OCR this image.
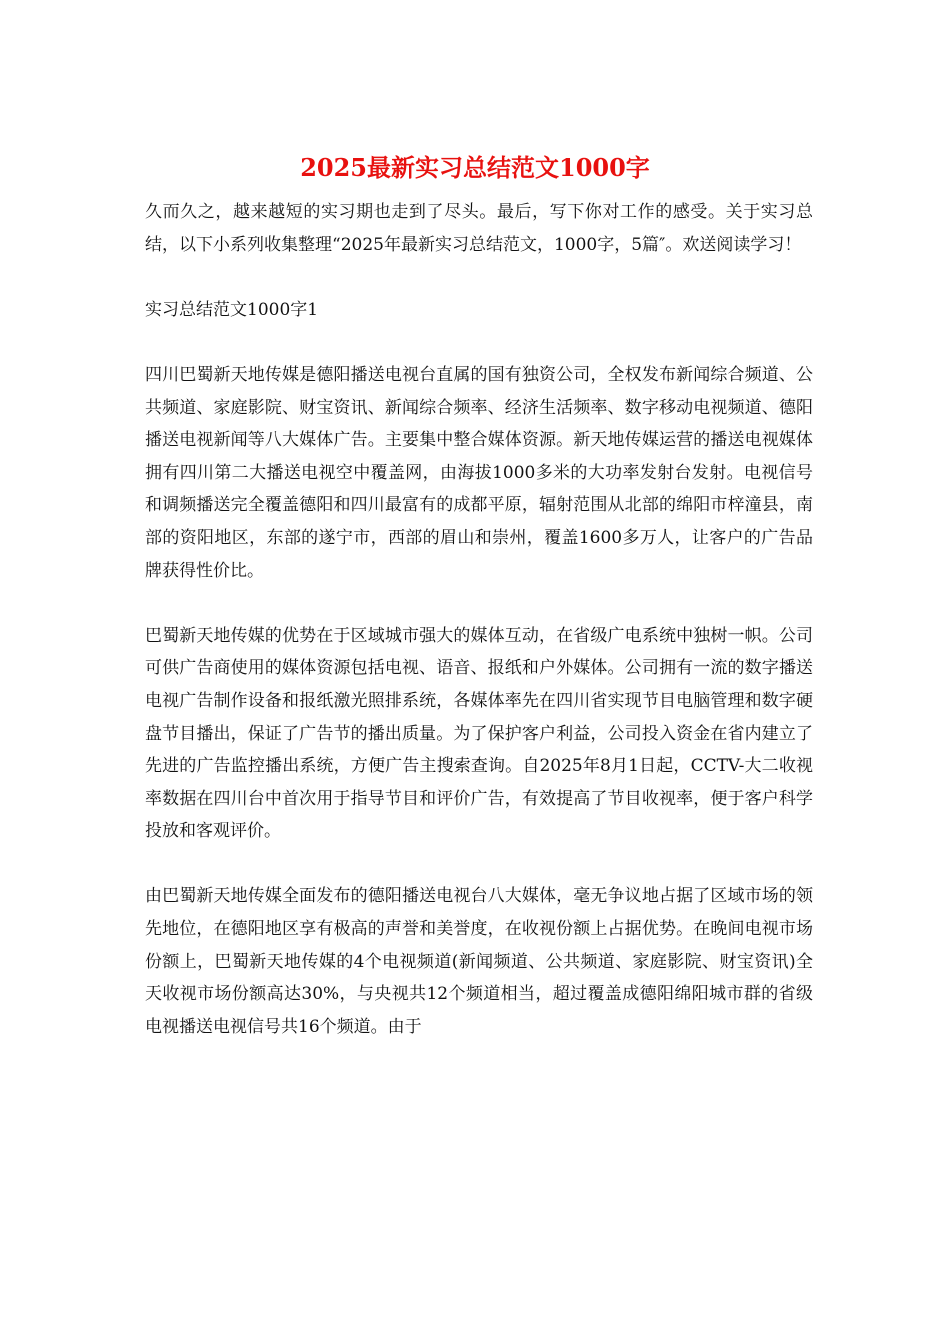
2025最新实习总结范文1000字

久而久之，越来越短的实习期也走到了尽头。最后，写下你对工作的感受。关于实习总结，以下小系列收集整理“2025年最新实习总结范文，1000字，5篇″。欢送阅读学习！

实习总结范文1000字1

四川巴蜀新天地传媒是德阳播送电视台直属的国有独资公司，全权发布新闻综合频道、公共频道、家庭影院、财宝资讯、新闻综合频率、经济生活频率、数字移动电视频道、德阳播送电视新闻等八大媒体广告。主要集中整合媒体资源。新天地传媒运营的播送电视媒体拥有四川第二大播送电视空中覆盖网，由海拔1000多米的大功率发射台发射。电视信号和调频播送完全覆盖德阳和四川最富有的成都平原，辐射范围从北部的绵阳市梓潼县，南部的资阳地区，东部的遂宁市，西部的眉山和崇州，覆盖1600多万人，让客户的广告品牌获得性价比。

巴蜀新天地传媒的优势在于区域城市强大的媒体互动，在省级广电系统中独树一帜。公司可供广告商使用的媒体资源包括电视、语音、报纸和户外媒体。公司拥有一流的数字播送电视广告制作设备和报纸激光照排系统，各媒体率先在四川省实现节目电脑管理和数字硬盘节目播出，保证了广告节的播出质量。为了保护客户利益，公司投入资金在省内建立了先进的广告监控播出系统，方便广告主搜索查询。自2025年8月1日起，CCTV-大二收视率数据在四川台中首次用于指导节目和评价广告，有效提高了节目收视率，便于客户科学投放和客观评价。

由巴蜀新天地传媒全面发布的德阳播送电视台八大媒体，毫无争议地占据了区域市场的领先地位，在德阳地区享有极高的声誉和美誉度，在收视份额上占据优势。在晚间电视市场份额上，巴蜀新天地传媒的4个电视频道(新闻频道、公共频道、家庭影院、财宝资讯)全天收视市场份额高达30%，与央视共12个频道相当，超过覆盖成德阳绵阳城市群的省级电视播送电视信号共16个频道。由于
